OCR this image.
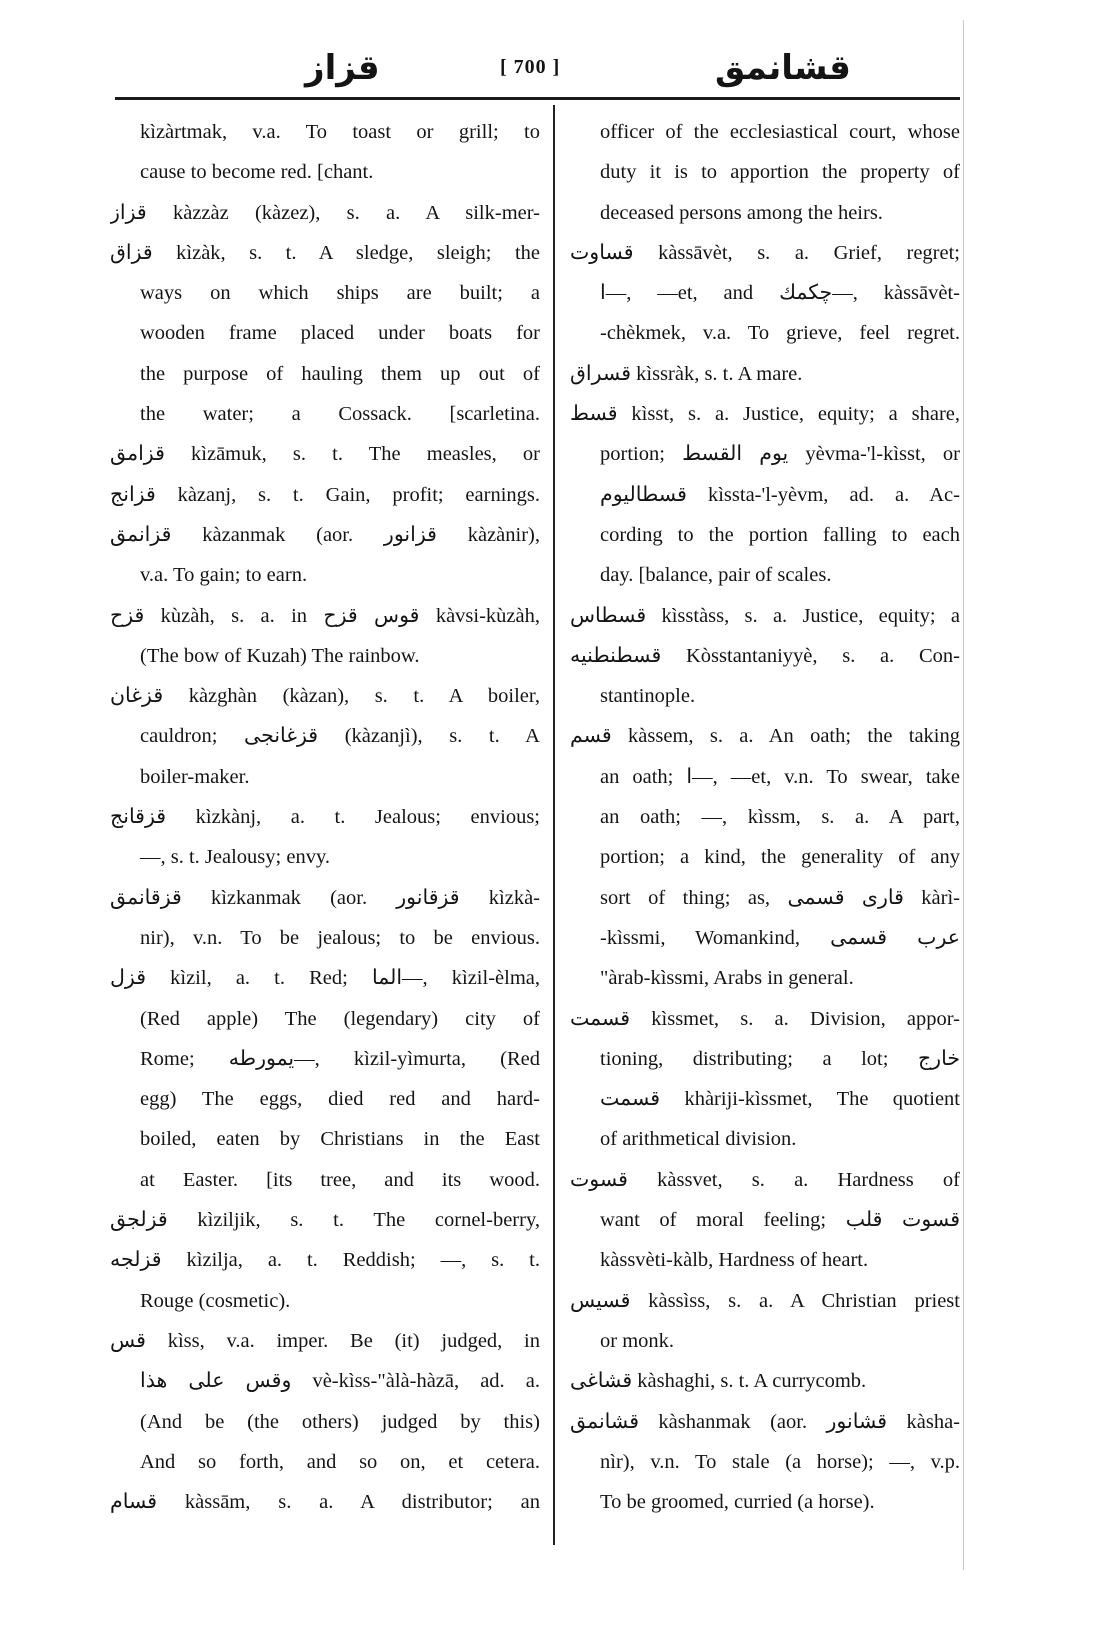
قزاز	[ 700 ]	قشانمق
kìzàrtmak, v.a. To toast or grill; to
cause to become red. [chant.
قزاز kàzzàz (kàzez), s. a. A silk-mer-
قزاق kìzàk, s. t. A sledge, sleigh; the
ways on which ships are built; a
wooden frame placed under boats for
the purpose of hauling them up out of
the water; a Cossack. [scarletina.
قزامق kìzāmuk, s. t. The measles, or
قزانج kàzanj, s. t. Gain, profit; earnings.
قزانمق kàzanmak (aor. قزانور kàzànir),
v.a. To gain; to earn.
قزح kùzàh, s. a. in قوس قزح kàvsi-kùzàh,
(The bow of Kuzah) The rainbow.
قزغان kàzghàn (kàzan), s. t. A boiler,
cauldron; قزغانجی (kàzanjì), s. t. A
boiler-maker.
قزقانج kìzkànj, a. t. Jealous; envious;
—, s. t. Jealousy; envy.
قزقانمق kìzkanmak (aor. قزقانور kìzkà-
nir), v.n. To be jealous; to be envious.
قزل kìzil, a. t. Red; الما—, kìzil-èlma,
(Red apple) The (legendary) city of
Rome; يمورطه—, kìzil-yìmurta, (Red
egg) The eggs, died red and hard-
boiled, eaten by Christians in the East
at Easter. [its tree, and its wood.
قزلجق kìziljik, s. t. The cornel-berry,
قزلجه kìzilja, a. t. Reddish; —, s. t.
Rouge (cosmetic).
قس kìss, v.a. imper. Be (it) judged, in
وقس علی هذا vè-kìss-"àlà-hàzā, ad. a.
(And be (the others) judged by this)
And so forth, and so on, et cetera.
قسام kàssām, s. a. A distributor; an
officer of the ecclesiastical court, whose
duty it is to apportion the property of
deceased persons among the heirs.
قساوت kàssāvèt, s. a. Grief, regret;
ا—, —et, and چكمك—, kàssāvèt-
-chèkmek, v.a. To grieve, feel regret.
قسراق kìssràk, s. t. A mare.
قسط kìsst, s. a. Justice, equity; a share,
portion; يوم القسط yèvma-'l-kìsst, or
قسطاليوم kìssta-'l-yèvm, ad. a. Ac-
cording to the portion falling to each
day. [balance, pair of scales.
قسطاس kìsstàss, s. a. Justice, equity; a
قسطنطنیه Kòsstantaniyyè, s. a. Con-
stantinople.
قسم kàssem, s. a. An oath; the taking
an oath; ا—, —et, v.n. To swear, take
an oath; —, kìssm, s. a. A part,
portion; a kind, the generality of any
sort of thing; as, قاری قسمی kàrì-
-kìssmi, Womankind, عرب قسمی
"àrab-kìssmi, Arabs in general.
قسمت kìssmet, s. a. Division, appor-
tioning, distributing; a lot; خارج
قسمت khàriji-kìssmet, The quotient
of arithmetical division.
قسوت kàssvet, s. a. Hardness of
want of moral feeling; قسوت قلب
kàssvèti-kàlb, Hardness of heart.
قسیس kàssìss, s. a. A Christian priest
or monk.
قشاغی kàshaghi, s. t. A currycomb.
قشانمق kàshanmak (aor. قشانور kàsha-
nìr), v.n. To stale (a horse); —, v.p.
To be groomed, curried (a horse).
